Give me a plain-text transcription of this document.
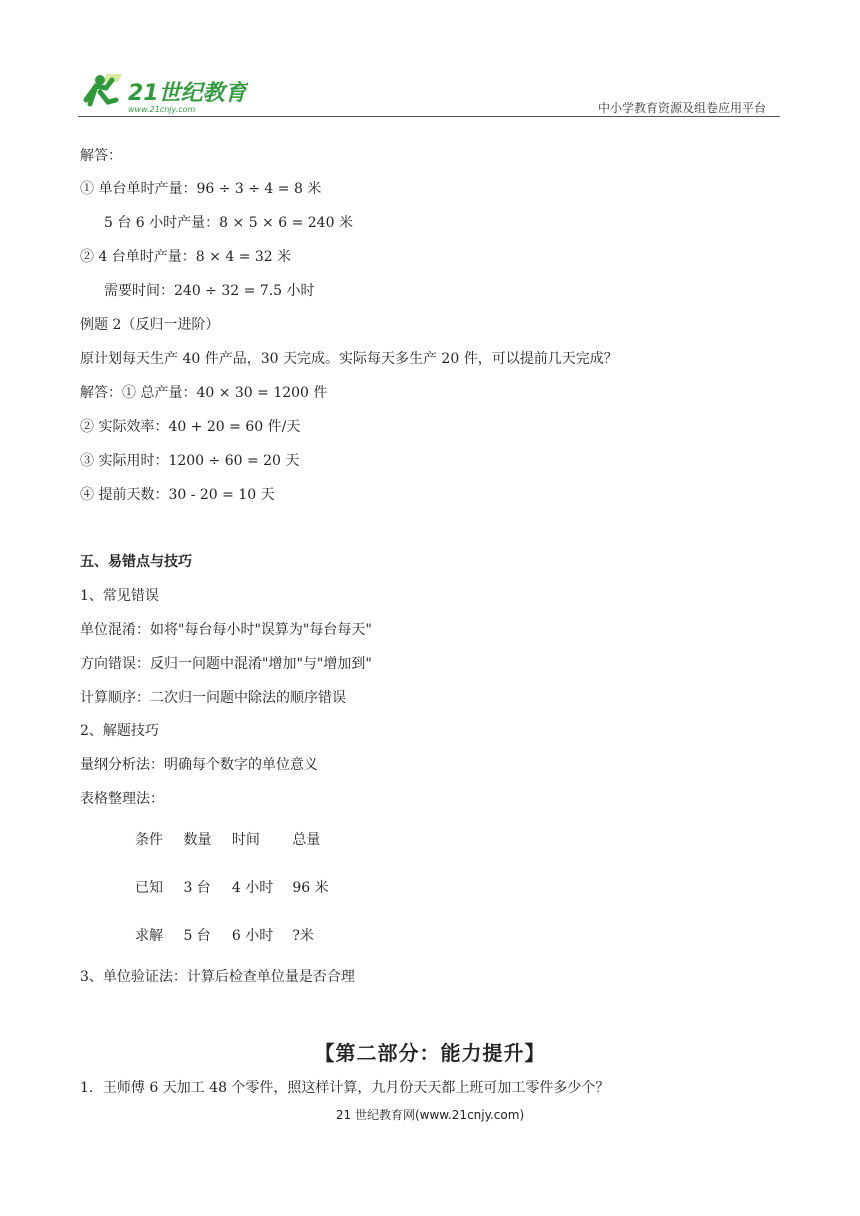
21世纪教育
www.21cnjy.com	中小学教育资源及组卷应用平台
解答：
① 单台单时产量：96 ÷ 3 ÷ 4 = 8 米
5 台 6 小时产量：8 × 5 × 6 = 240 米
② 4 台单时产量：8 × 4 = 32 米
需要时间：240 ÷ 32 = 7.5 小时
例题 2（反归一进阶）
原计划每天生产 40 件产品，30 天完成。实际每天多生产 20 件，可以提前几天完成？
解答：① 总产量：40 × 30 = 1200 件
② 实际效率：40 + 20 = 60 件/天
③ 实际用时：1200 ÷ 60 = 20 天
④ 提前天数：30 - 20 = 10 天
五、易错点与技巧
1、常见错误
单位混淆：如将"每台每小时"误算为"每台每天"
方向错误：反归一问题中混淆"增加"与"增加到"
计算顺序：二次归一问题中除法的顺序错误
2、解题技巧
量纲分析法：明确每个数字的单位意义
表格整理法：
条件 数量 时间 总量
已知 3 台 4 小时 96 米
求解 5 台 6 小时 ?米
3、单位验证法：计算后检查单位量是否合理
【第二部分：能力提升】
1．王师傅 6 天加工 48 个零件，照这样计算，九月份天天都上班可加工零件多少个？
21 世纪教育网(www.21cnjy.com)
